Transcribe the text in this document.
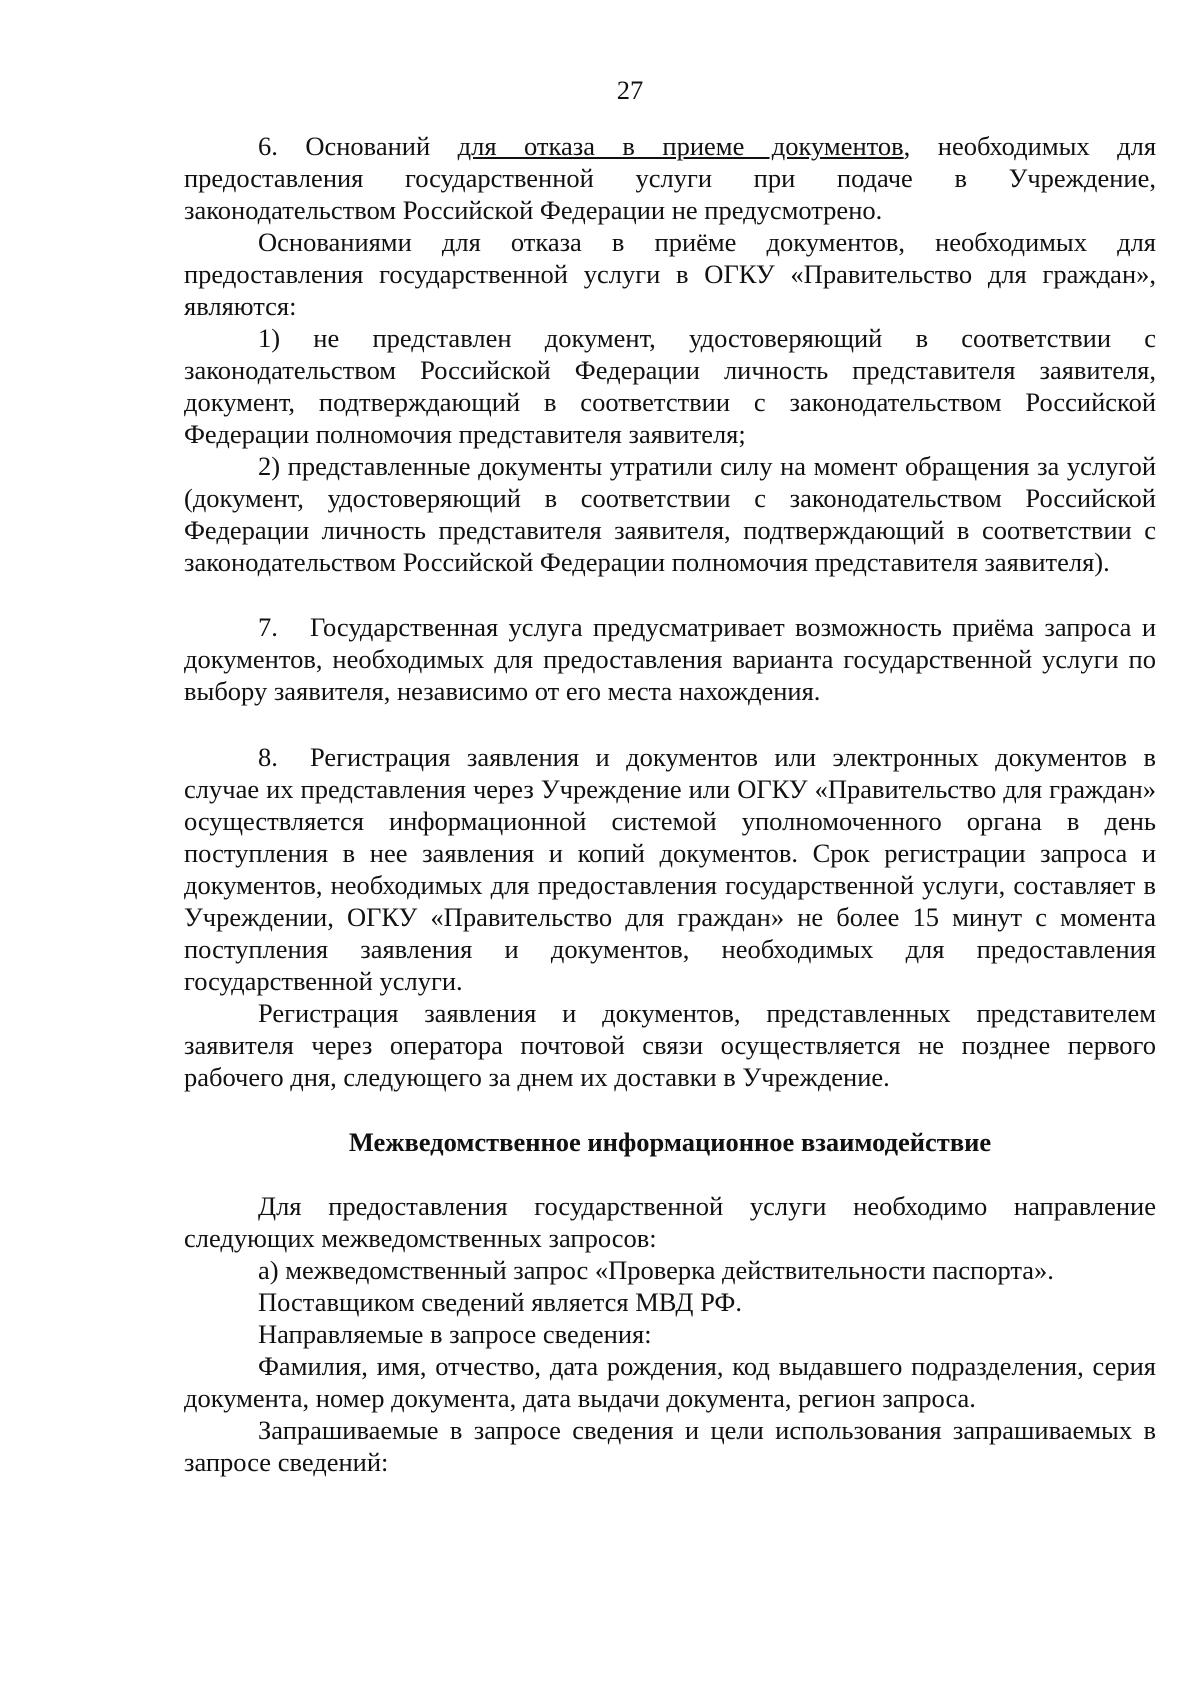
27

6. Оснований для отказа в приеме документов, необходимых для предоставления государственной услуги при подаче в Учреждение, законодательством Российской Федерации не предусмотрено.

Основаниями для отказа в приёме документов, необходимых для предоставления государственной услуги в ОГКУ «Правительство для граждан», являются:

1) не представлен документ, удостоверяющий в соответствии с законодательством Российской Федерации личность представителя заявителя, документ, подтверждающий в соответствии с законодательством Российской Федерации полномочия представителя заявителя;

2) представленные документы утратили силу на момент обращения за услугой (документ, удостоверяющий в соответствии с законодательством Российской Федерации личность представителя заявителя, подтверждающий в соответствии с законодательством Российской Федерации полномочия представителя заявителя).

7. Государственная услуга предусматривает возможность приёма запроса и документов, необходимых для предоставления варианта государственной услуги по выбору заявителя, независимо от его места нахождения.

8. Регистрация заявления и документов или электронных документов в случае их представления через Учреждение или ОГКУ «Правительство для граждан» осуществляется информационной системой уполномоченного органа в день поступления в нее заявления и копий документов. Срок регистрации запроса и документов, необходимых для предоставления государственной услуги, составляет в Учреждении, ОГКУ «Правительство для граждан» не более 15 минут с момента поступления заявления и документов, необходимых для предоставления государственной услуги.

Регистрация заявления и документов, представленных представителем заявителя через оператора почтовой связи осуществляется не позднее первого рабочего дня, следующего за днем их доставки в Учреждение.

Межведомственное информационное взаимодействие

Для предоставления государственной услуги необходимо направление следующих межведомственных запросов:

а) межведомственный запрос «Проверка действительности паспорта».

Поставщиком сведений является МВД РФ.

Направляемые в запросе сведения:

Фамилия, имя, отчество, дата рождения, код выдавшего подразделения, серия документа, номер документа, дата выдачи документа, регион запроса.

Запрашиваемые в запросе сведения и цели использования запрашиваемых в запросе сведений:
